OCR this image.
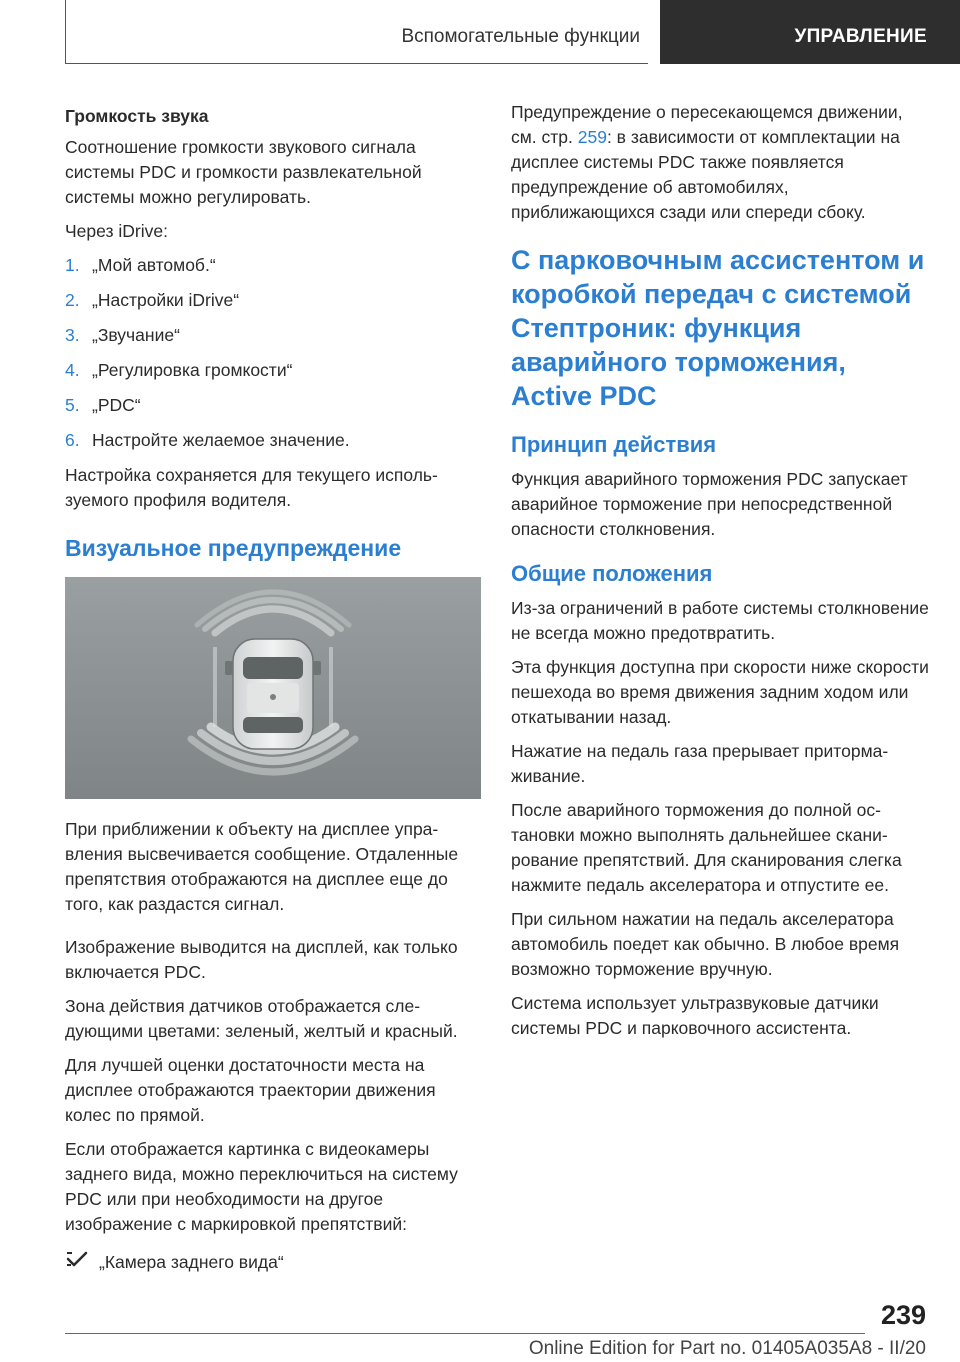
Вспомогательные функции	УПРАВЛЕНИЕ
Громкость звука

Соотношение громкости звукового сигнала системы PDC и громкости развлекательной системы можно регулировать.

Через iDrive:

1. „Мой автомоб.“
2. „Настройки iDrive“
3. „Звучание“
4. „Регулировка громкости“
5. „PDC“
6. Настройте желаемое значение.

Настройка сохраняется для текущего используемого профиля водителя.

Визуальное предупреждение

При приближении к объекту на дисплее управления высвечивается сообщение. Отдаленные препятствия отображаются на дисплее еще до того, как раздастся сигнал.

Изображение выводится на дисплей, как только включается PDC.

Зона действия датчиков отображается следующими цветами: зеленый, желтый и красный.

Для лучшей оценки достаточности места на дисплее отображаются траектории движения колес по прямой.

Если отображается картинка с видеокамеры заднего вида, можно переключиться на систему PDC или при необходимости на другое изображение с маркировкой препятствий:

„Камера заднего вида“

Предупреждение о пересекающемся движении, см. стр. 259: в зависимости от комплектации на дисплее системы PDC также появляется предупреждение об автомобилях, приближающихся сзади или спереди сбоку.

С парковочным ассистентом и коробкой передач с системой Стептроник: функция аварийного торможения, Active PDC
Принцип действия

Функция аварийного торможения PDC запускает аварийное торможение при непосредственной опасности столкновения.

Общие положения

Из-за ограничений в работе системы столкновение не всегда можно предотвратить.

Эта функция доступна при скорости ниже скорости пешехода во время движения задним ходом или откатывании назад.

Нажатие на педаль газа прерывает притормаживание.

После аварийного торможения до полной остановки можно выполнять дальнейшее сканирование препятствий. Для сканирования слегка нажмите педаль акселератора и отпустите ее.

При сильном нажатии на педаль акселератора автомобиль поедет как обычно. В любое время возможно торможение вручную.

Система использует ультразвуковые датчики системы PDC и парковочного ассистента.

239
Online Edition for Part no. 01405A035A8 - II/20
